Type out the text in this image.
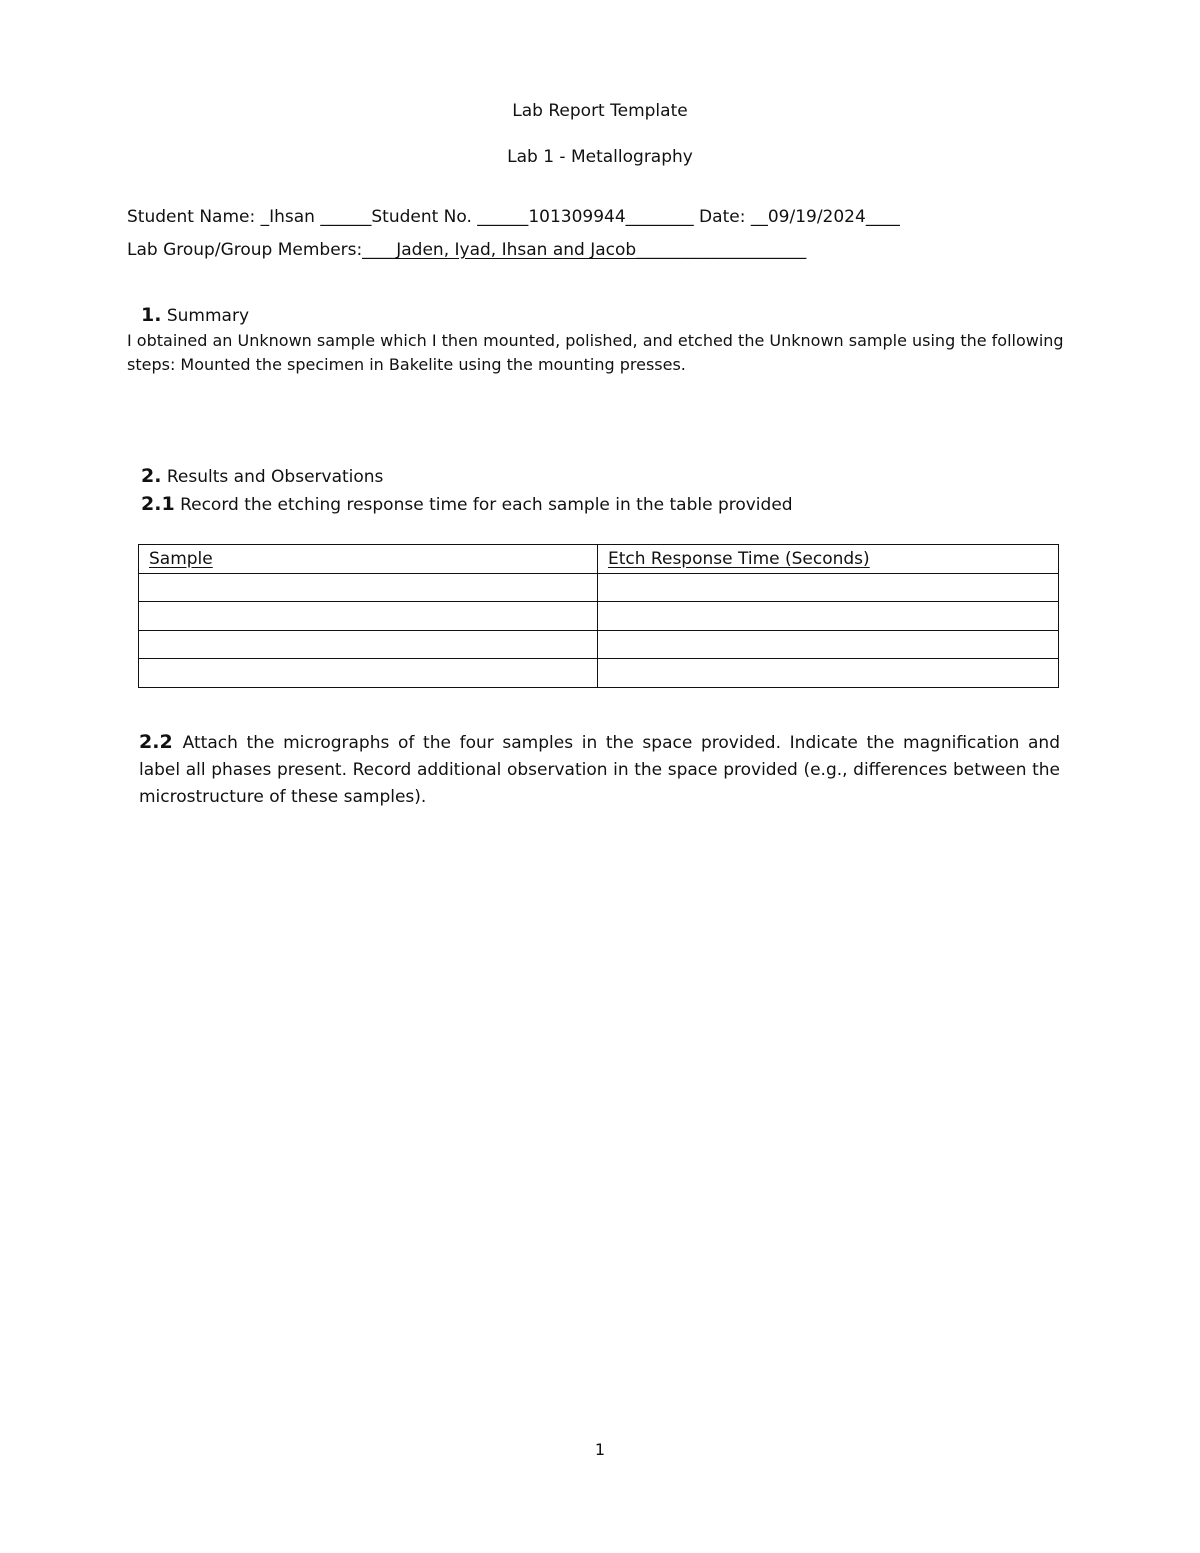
Lab Report Template
Lab 1 - Metallography
Student Name: _Ihsan ______Student No. ______101309944________ Date: __09/19/2024____
Lab Group/Group Members:____Jaden, Iyad, Ihsan and Jacob____________________
1. Summary
I obtained an Unknown sample which I then mounted, polished, and etched the Unknown sample using the following
steps: Mounted the specimen in Bakelite using the mounting presses.
2. Results and Observations
2.1 Record the etching response time for each sample in the table provided
Sample	Etch Response Time (Seconds)

2.2 Attach the micrographs of the four samples in the space provided. Indicate the magnification and label all phases present. Record additional observation in the space provided (e.g., differences between the microstructure of these samples).
1
